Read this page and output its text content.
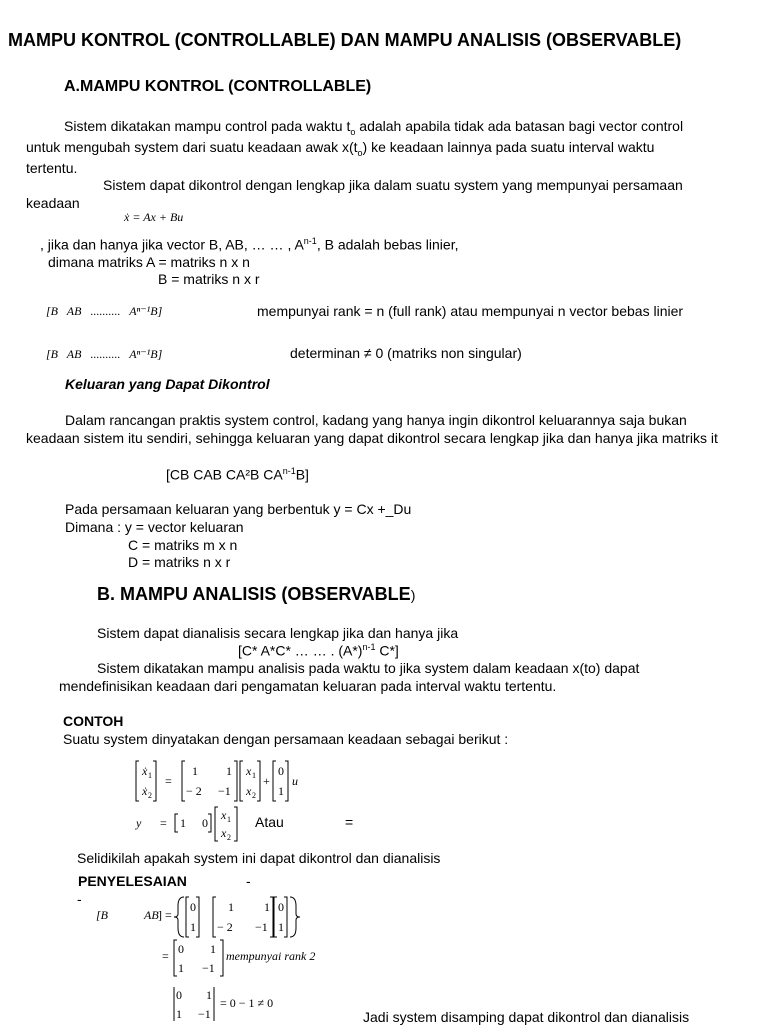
MAMPU KONTROL (CONTROLLABLE) DAN MAMPU ANALISIS (OBSERVABLE)
A.MAMPU KONTROL (CONTROLLABLE)
Sistem dikatakan mampu control pada waktu $t_o$ adalah apabila tidak ada batasan bagi vector control
untuk mengubah system dari suatu keadaan awak $x(t_o)$ ke keadaan lainnya pada suatu interval waktu
tertentu.
Sistem dapat dikontrol dengan lengkap jika dalam suatu system yang mempunyai persamaan
keadaan
ẋ = Ax + Bu
, jika dan hanya jika vector B, AB, … … , $A^{n-1}$, B adalah bebas linier,
dimana matriks A = matriks n x n
B = matriks n x r
[B AB .......... Aⁿ⁻¹B]	mempunyai rank = n (full rank) atau mempunyai n vector bebas linier
[B AB .......... Aⁿ⁻¹B]	determinan ≠ 0 (matriks non singular)
Keluaran yang Dapat Dikontrol
Dalam rancangan praktis system control, kadang yang hanya ingin dikontrol keluarannya saja bukan
keadaan sistem itu sendiri, sehingga keluaran yang dapat dikontrol secara lengkap jika dan hanya jika matriks it
[CB CAB CA²B CA$^{n-1}$B]
Pada persamaan keluaran yang berbentuk y = Cx +_Du
Dimana : y = vector keluaran
C = matriks m x n
D = matriks n x r
B. MAMPU ANALISIS (OBSERVABLE)
Sistem dapat dianalisis secara lengkap jika dan hanya jika
[C* A*C* … … . $(A*)^{n-1}$ C*]
Sistem dikatakan mampu analisis pada waktu to jika system dalam keadaan x(to) dapat
mendefinisikan keadaan dari pengamatan keluaran pada interval waktu tertentu.
CONTOH
Suatu system dinyatakan dengan persamaan keadaan sebagai berikut :
ẋ 1
ẋ 2
=
1 1
− 2 −1
x 1
x 2
+
0
1
u
y = 1 0
x 1
x 2
Atau	=
Selidikilah apakah system ini dapat dikontrol dan dianalisis
PENYELESAIAN	-
-
[B	AB ] =
0
1
1	1
− 2 −1
0
1
= 0 1
1 −1
mempunyai rank 2
0 1
1 −1
= 0 − 1 ≠ 0
Jadi system disamping dapat dikontrol dan dianalisis
